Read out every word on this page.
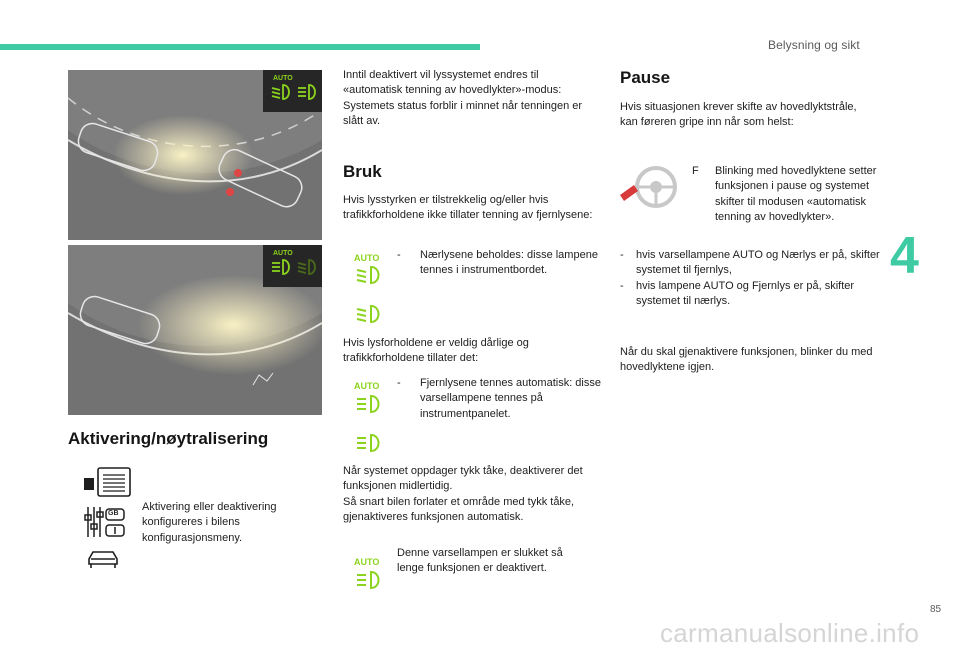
Belysning og sikt
4
AUTO
AUTO
Aktivering/nøytralisering
GB
Aktivering eller deaktivering konfigureres i bilens konfigurasjonsmeny.
Inntil deaktivert vil lyssystemet endres til «automatisk tenning av hovedlykter»-modus: Systemets status forblir i minnet når tenningen er slått av.
Bruk
Hvis lysstyrken er tilstrekkelig og/eller hvis trafikkforholdene ikke tillater tenning av fjernlysene:
AUTO - Nærlysene beholdes: disse lampene tennes i instrumentbordet.
Hvis lysforholdene er veldig dårlige og trafikkforholdene tillater det:
AUTO - Fjernlysene tennes automatisk: disse varsellampene tennes på instrumentpanelet.
Når systemet oppdager tykk tåke, deaktiverer det funksjonen midlertidig.
Så snart bilen forlater et område med tykk tåke, gjenaktiveres funksjonen automatisk.
AUTO
Denne varsellampen er slukket så lenge funksjonen er deaktivert.
Pause
Hvis situasjonen krever skifte av hovedlyktstråle, kan føreren gripe inn når som helst:
F Blinking med hovedlyktene setter funksjonen i pause og systemet skifter til modusen «automatisk tenning av hovedlykter».
- hvis varsellampene AUTO og Nærlys er på, skifter systemet til fjernlys,
- hvis lampene AUTO og Fjernlys er på, skifter systemet til nærlys.
Når du skal gjenaktivere funksjonen, blinker du med hovedlyktene igjen.
85
carmanualsonline.info
